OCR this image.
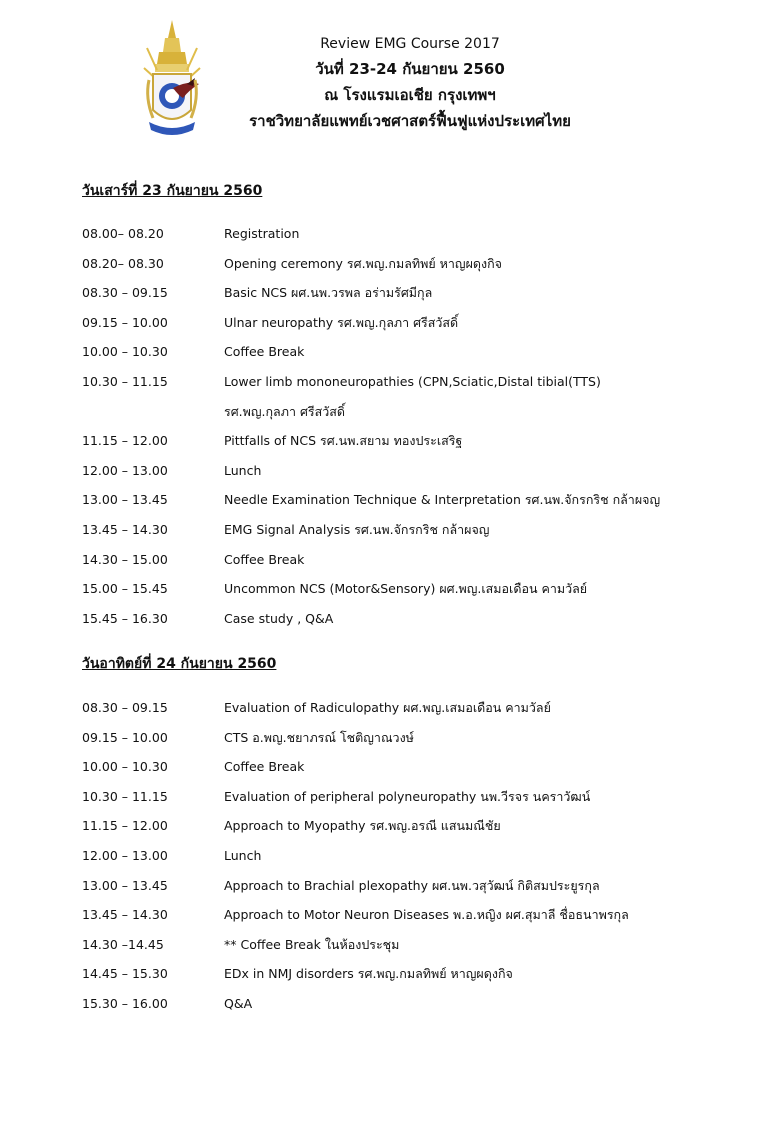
Review EMG Course 2017
วันที่ 23-24 กันยายน 2560
ณ โรงแรมเอเชีย กรุงเทพฯ
ราชวิทยาลัยแพทย์เวชศาสตร์ฟื้นฟูแห่งประเทศไทย
วันเสาร์ที่ 23 กันยายน 2560
08.00– 08.20	Registration
08.20– 08.30	Opening ceremony รศ.พญ.กมลทิพย์ หาญผดุงกิจ
08.30 – 09.15	Basic NCS ผศ.นพ.วรพล อร่ามรัศมีกุล
09.15 – 10.00	Ulnar neuropathy รศ.พญ.กุลภา ศรีสวัสดิ์
10.00 – 10.30	Coffee Break
10.30 – 11.15	Lower limb mononeuropathies (CPN,Sciatic,Distal tibial(TTS)
รศ.พญ.กุลภา ศรีสวัสดิ์
11.15 – 12.00	Pittfalls of NCS รศ.นพ.สยาม ทองประเสริฐ
12.00 – 13.00	Lunch
13.00 – 13.45	Needle Examination Technique & Interpretation รศ.นพ.จักรกริช กล้าผจญ
13.45 – 14.30	EMG Signal Analysis รศ.นพ.จักรกริช กล้าผจญ
14.30 – 15.00	Coffee Break
15.00 – 15.45	Uncommon NCS (Motor&Sensory) ผศ.พญ.เสมอเดือน คามวัลย์
15.45 – 16.30	Case study , Q&A
วันอาทิตย์ที่ 24 กันยายน 2560
08.30 – 09.15	Evaluation of Radiculopathy ผศ.พญ.เสมอเดือน คามวัลย์
09.15 – 10.00	CTS อ.พญ.ชยาภรณ์ โชติญาณวงษ์
10.00 – 10.30	Coffee Break
10.30 – 11.15	Evaluation of peripheral polyneuropathy นพ.วีรจร นคราวัฒน์
11.15 – 12.00	Approach to Myopathy รศ.พญ.อรณี แสนมณีชัย
12.00 – 13.00	Lunch
13.00 – 13.45	Approach to Brachial plexopathy ผศ.นพ.วสุวัฒน์ กิติสมประยูรกุล
13.45 – 14.30	Approach to Motor Neuron Diseases พ.อ.หญิง ผศ.สุมาลี ชื่อธนาพรกุล
14.30 –14.45	** Coffee Break ในห้องประชุม
14.45 – 15.30	EDx in NMJ disorders รศ.พญ.กมลทิพย์ หาญผดุงกิจ
15.30 – 16.00	Q&A
